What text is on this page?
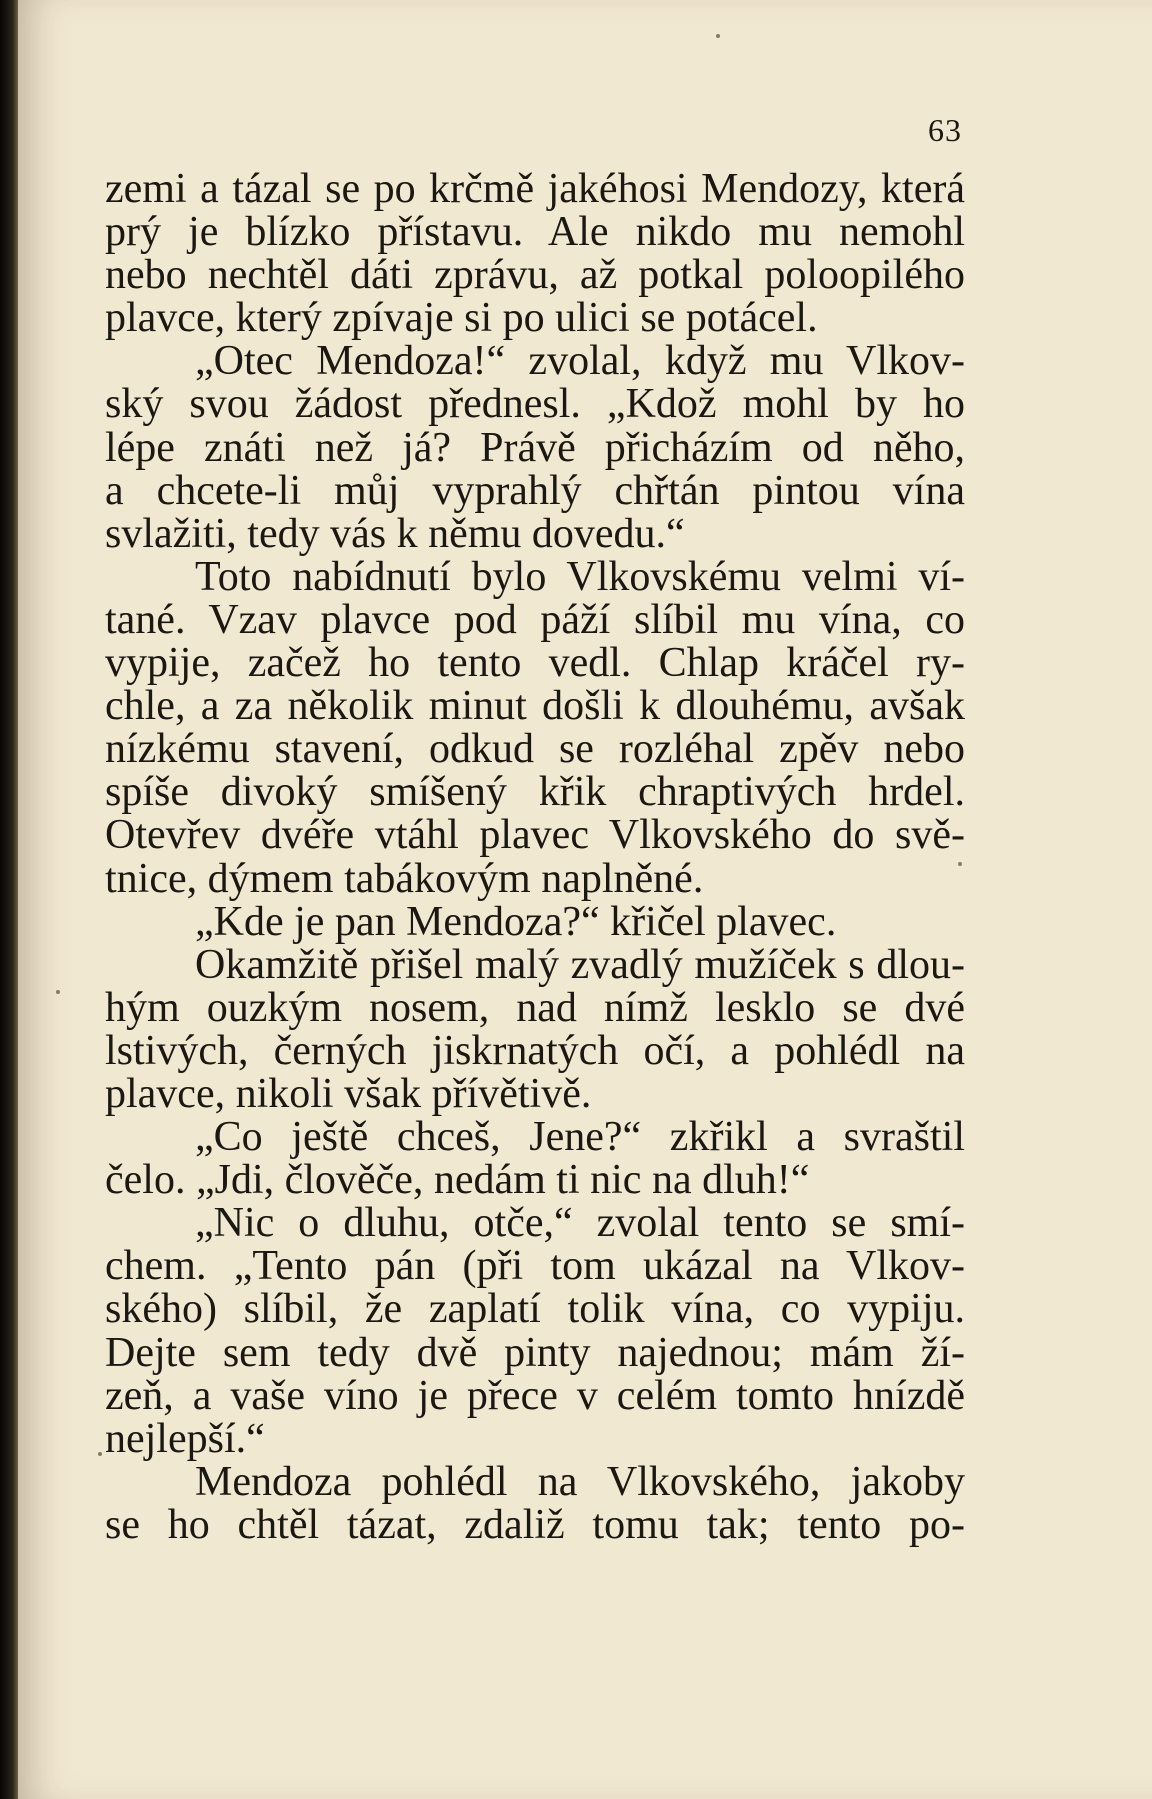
63
zemi a tázal se po krčmě jakéhosi Mendozy, která
prý je blízko přístavu. Ale nikdo mu nemohl
nebo nechtěl dáti zprávu, až potkal poloopilého
plavce, který zpívaje si po ulici se potácel.
„Otec Mendoza!“ zvolal, když mu Vlkov-
ský svou žádost přednesl. „Kdož mohl by ho
lépe znáti než já? Právě přicházím od něho,
a chcete-li můj vyprahlý chřtán pintou vína
svlažiti, tedy vás k němu dovedu.“
Toto nabídnutí bylo Vlkovskému velmi ví-
tané. Vzav plavce pod páží slíbil mu vína, co
vypije, začež ho tento vedl. Chlap kráčel ry-
chle, a za několik minut došli k dlouhému, avšak
nízkému stavení, odkud se rozléhal zpěv nebo
spíše divoký smíšený křik chraptivých hrdel.
Otevřev dvéře vtáhl plavec Vlkovského do svě-
tnice, dýmem tabákovým naplněné.
„Kde je pan Mendoza?“ křičel plavec.
Okamžitě přišel malý zvadlý mužíček s dlou-
hým ouzkým nosem, nad nímž lesklo se dvé
lstivých, černých jiskrnatých očí, a pohlédl na
plavce, nikoli však přívětivě.
„Co ještě chceš, Jene?“ zkřikl a svraštil
čelo. „Jdi, člověče, nedám ti nic na dluh!“
„Nic o dluhu, otče,“ zvolal tento se smí-
chem. „Tento pán (při tom ukázal na Vlkov-
ského) slíbil, že zaplatí tolik vína, co vypiju.
Dejte sem tedy dvě pinty najednou; mám ží-
zeň, a vaše víno je přece v celém tomto hnízdě
nejlepší.“
Mendoza pohlédl na Vlkovského, jakoby
se ho chtěl tázat, zdaliž tomu tak; tento po-
